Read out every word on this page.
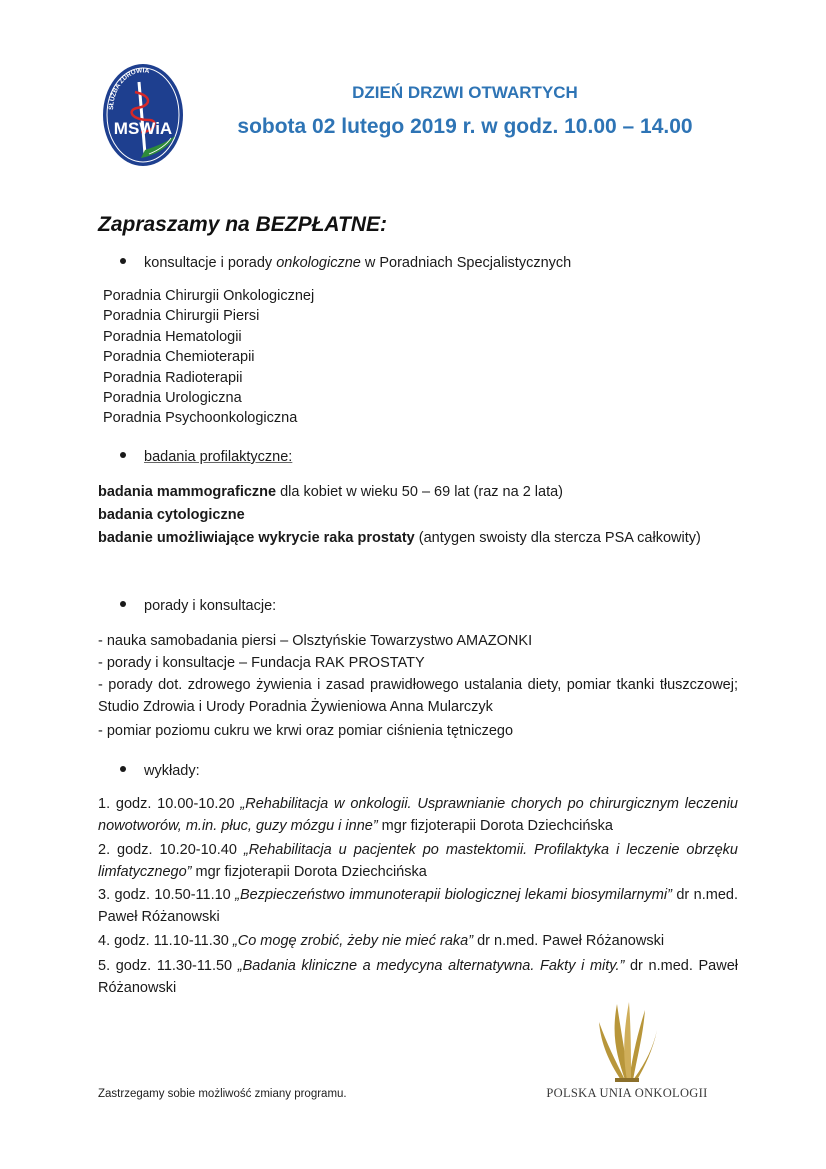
SŁUŻBA ZDROWIA
MSWiA
DZIEŃ DRZWI OTWARTYCH
sobota 02 lutego 2019 r. w godz. 10.00 – 14.00
Zapraszamy na BEZPŁATNE:
konsultacje i porady onkologiczne w Poradniach Specjalistycznych
Poradnia Chirurgii Onkologicznej
Poradnia Chirurgii Piersi
Poradnia Hematologii
Poradnia Chemioterapii
Poradnia Radioterapii
Poradnia Urologiczna
Poradnia Psychoonkologiczna
badania profilaktyczne:
badania mammograficzne dla kobiet w wieku 50 – 69 lat (raz na 2 lata)
badania cytologiczne
badanie umożliwiające wykrycie raka prostaty (antygen swoisty dla stercza PSA całkowity)
porady i konsultacje:
- nauka samobadania piersi – Olsztyńskie Towarzystwo AMAZONKI
- porady i konsultacje – Fundacja RAK PROSTATY
- porady dot. zdrowego żywienia i zasad prawidłowego ustalania diety, pomiar tkanki tłuszczowej; Studio Zdrowia i Urody Poradnia Żywieniowa Anna Mularczyk
- pomiar poziomu cukru we krwi oraz pomiar ciśnienia tętniczego
wykłady:
1. godz. 10.00-10.20 „Rehabilitacja w onkologii. Usprawnianie chorych po chirurgicznym leczeniu nowotworów, m.in. płuc, guzy mózgu i inne” mgr fizjoterapii Dorota Dziechcińska
2. godz. 10.20-10.40 „Rehabilitacja u pacjentek po mastektomii. Profilaktyka i leczenie obrzęku limfatycznego” mgr fizjoterapii Dorota Dziechcińska
3. godz. 10.50-11.10 „Bezpieczeństwo immunoterapii biologicznej lekami biosymilarnymi” dr n.med. Paweł Różanowski
4. godz. 11.10-11.30 „Co mogę zrobić, żeby nie mieć raka” dr n.med. Paweł Różanowski
5. godz. 11.30-11.50 „Badania kliniczne a medycyna alternatywna. Fakty i mity.” dr n.med. Paweł Różanowski
Zastrzegamy sobie możliwość zmiany programu.	POLSKA UNIA ONKOLOGII
